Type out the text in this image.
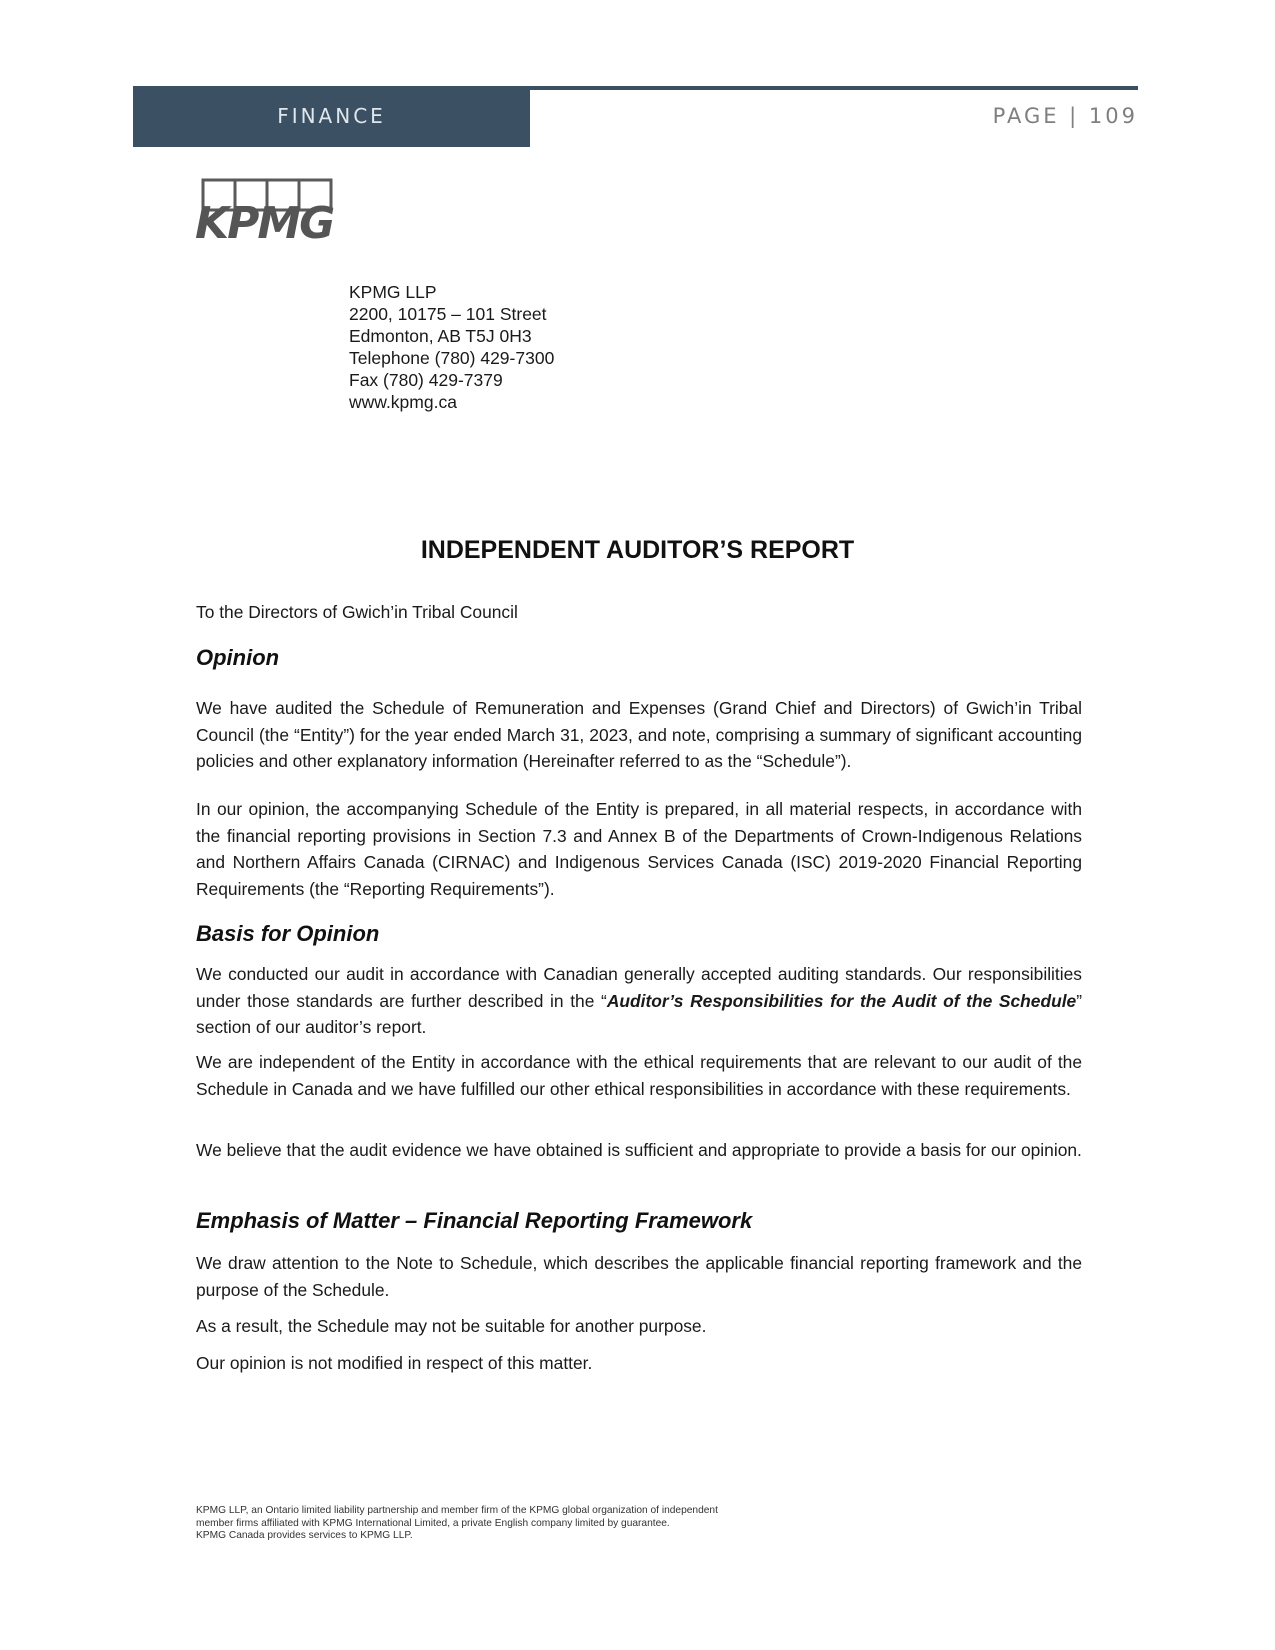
FINANCE	PAGE | 109
KPMG
KPMG LLP
2200, 10175 – 101 Street
Edmonton, AB T5J 0H3
Telephone (780) 429-7300
Fax (780) 429-7379
www.kpmg.ca
INDEPENDENT AUDITOR’S REPORT

To the Directors of Gwich’in Tribal Council

Opinion

We have audited the Schedule of Remuneration and Expenses (Grand Chief and Directors) of Gwich’in Tribal Council (the “Entity”) for the year ended March 31, 2023, and note, comprising a summary of significant accounting policies and other explanatory information (Hereinafter referred to as the “Schedule”).

In our opinion, the accompanying Schedule of the Entity is prepared, in all material respects, in accordance with the financial reporting provisions in Section 7.3 and Annex B of the Departments of Crown-Indigenous Relations and Northern Affairs Canada (CIRNAC) and Indigenous Services Canada (ISC) 2019-2020 Financial Reporting Requirements (the “Reporting Requirements”).

Basis for Opinion

We conducted our audit in accordance with Canadian generally accepted auditing standards. Our responsibilities under those standards are further described in the “Auditor’s Responsibilities for the Audit of the Schedule” section of our auditor’s report.

We are independent of the Entity in accordance with the ethical requirements that are relevant to our audit of the Schedule in Canada and we have fulfilled our other ethical responsibilities in accordance with these requirements.

We believe that the audit evidence we have obtained is sufficient and appropriate to provide a basis for our opinion.

Emphasis of Matter – Financial Reporting Framework

We draw attention to the Note to Schedule, which describes the applicable financial reporting framework and the purpose of the Schedule.

As a result, the Schedule may not be suitable for another purpose.

Our opinion is not modified in respect of this matter.

KPMG LLP, an Ontario limited liability partnership and member firm of the KPMG global organization of independent
member firms affiliated with KPMG International Limited, a private English company limited by guarantee.
KPMG Canada provides services to KPMG LLP.
